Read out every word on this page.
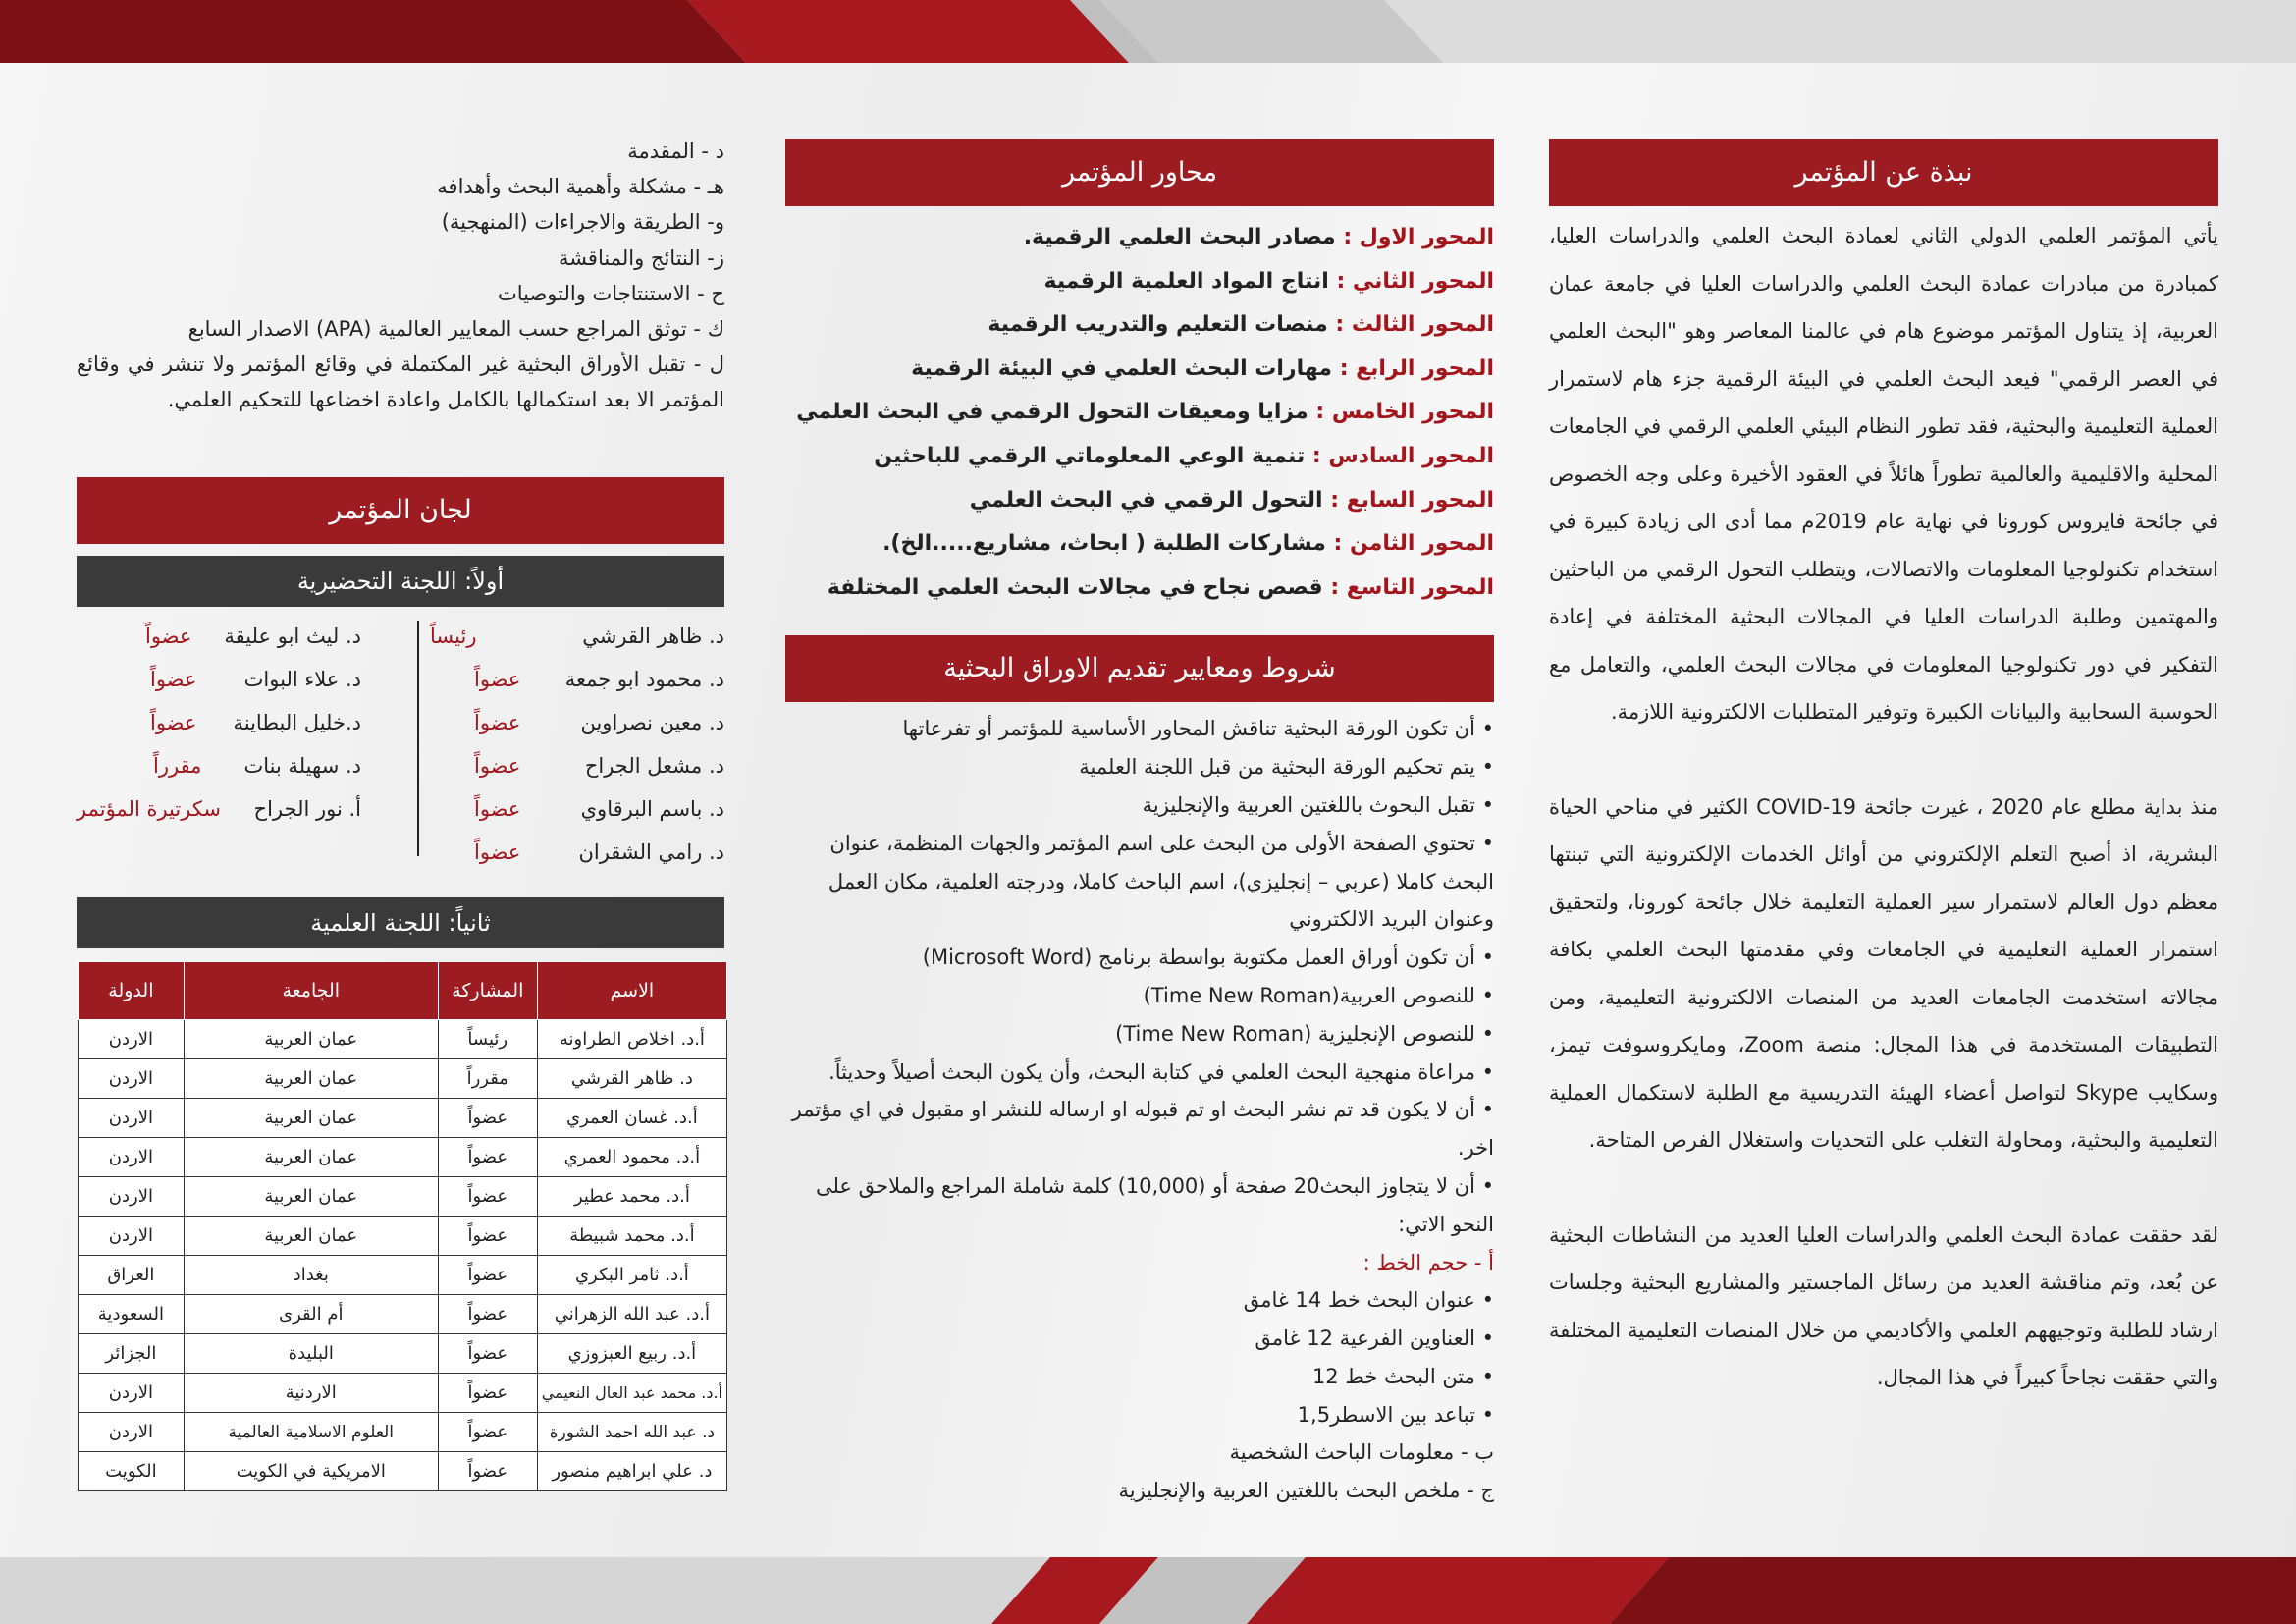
نبذة عن المؤتمر

يأتي المؤتمر العلمي الدولي الثاني لعمادة البحث العلمي والدراسات العليا، كمبادرة من مبادرات عمادة البحث العلمي والدراسات العليا في جامعة عمان العربية، إذ يتناول المؤتمر موضوع هام في عالمنا المعاصر وهو "البحث العلمي في العصر الرقمي" فيعد البحث العلمي في البيئة الرقمية جزء هام لاستمرار العملية التعليمية والبحثية، فقد تطور النظام البيئي العلمي الرقمي في الجامعات المحلية والاقليمية والعالمية تطوراً هائلاً في العقود الأخيرة وعلى وجه الخصوص في جائحة فايروس كورونا في نهاية عام 2019م مما أدى الى زيادة كبيرة في استخدام تكنولوجيا المعلومات والاتصالات، ويتطلب التحول الرقمي من الباحثين والمهتمين وطلبة الدراسات العليا في المجالات البحثية المختلفة في إعادة التفكير في دور تكنولوجيا المعلومات في مجالات البحث العلمي، والتعامل مع الحوسبة السحابية والبيانات الكبيرة وتوفير المتطلبات الالكترونية اللازمة.

منذ بداية مطلع عام 2020 ، غيرت جائحة COVID-19 الكثير في مناحي الحياة البشرية، اذ أصبح التعلم الإلكتروني من أوائل الخدمات الإلكترونية التي تبنتها معظم دول العالم لاستمرار سير العملية التعليمة خلال جائحة كورونا، ولتحقيق استمرار العملية التعليمية في الجامعات وفي مقدمتها البحث العلمي بكافة مجالاته استخدمت الجامعات العديد من المنصات الالكترونية التعليمية، ومن التطبيقات المستخدمة في هذا المجال: منصة Zoom، ومايكروسوفت تيمز، وسكايب Skype لتواصل أعضاء الهيئة التدريسية مع الطلبة لاستكمال العملية التعليمية والبحثية، ومحاولة التغلب على التحديات واستغلال الفرص المتاحة.

لقد حققت عمادة البحث العلمي والدراسات العليا العديد من النشاطات البحثية عن بُعد، وتم مناقشة العديد من رسائل الماجستير والمشاريع البحثية وجلسات ارشاد للطلبة وتوجيههم العلمي والأكاديمي من خلال المنصات التعليمية المختلفة والتي حققت نجاحاً كبيراً في هذا المجال.

محاور المؤتمر
المحور الاول : مصادر البحث العلمي الرقمية.
المحور الثاني : انتاج المواد العلمية الرقمية
المحور الثالث : منصات التعليم والتدريب الرقمية
المحور الرابع : مهارات البحث العلمي في البيئة الرقمية
المحور الخامس : مزايا ومعيقات التحول الرقمي في البحث العلمي
المحور السادس : تنمية الوعي المعلوماتي الرقمي للباحثين
المحور السابع : التحول الرقمي في البحث العلمي
المحور الثامن : مشاركات الطلبة ( ابحاث، مشاريع.....الخ).
المحور التاسع : قصص نجاح في مجالات البحث العلمي المختلفة
شروط ومعايير تقديم الاوراق البحثية
• أن تكون الورقة البحثية تناقش المحاور الأساسية للمؤتمر أو تفرعاتها
• يتم تحكيم الورقة البحثية من قبل اللجنة العلمية
• تقبل البحوث باللغتين العربية والإنجليزية
• تحتوي الصفحة الأولى من البحث على اسم المؤتمر والجهات المنظمة، عنوان البحث كاملا (عربي – إنجليزي)، اسم الباحث كاملا، ودرجته العلمية، مكان العمل وعنوان البريد الالكتروني
• أن تكون أوراق العمل مكتوبة بواسطة برنامج (Microsoft Word)
• للنصوص العربية(Time New Roman)
• للنصوص الإنجليزية (Time New Roman)
• مراعاة منهجية البحث العلمي في كتابة البحث، وأن يكون البحث أصيلاً وحديثاً.
• أن لا يكون قد تم نشر البحث او تم قبوله او ارساله للنشر او مقبول في اي مؤتمر اخر.
• أن لا يتجاوز البحث20 صفحة أو (10,000) كلمة شاملة المراجع والملاحق على النحو الاتي:
أ - حجم الخط :
• عنوان البحث خط 14 غامق
• العناوين الفرعية 12 غامق
• متن البحث خط 12
• تباعد بين الاسطر1,5
ب - معلومات الباحث الشخصية
ج - ملخص البحث باللغتين العربية والإنجليزية
د - المقدمة
هـ - مشكلة وأهمية البحث وأهدافه
و- الطريقة والاجراءات (المنهجية)
ز- النتائج والمناقشة
ح - الاستنتاجات والتوصيات
ك - توثق المراجع حسب المعايير العالمية (APA) الاصدار السابع
ل - تقبل الأوراق البحثية غير المكتملة في وقائع المؤتمر ولا تنشر في وقائع المؤتمر الا بعد استكمالها بالكامل واعادة اخضاعها للتحكيم العلمي.
لجان المؤتمر
أولاً: اللجنة التحضيرية
د. ظاهر القرشي
رئيساً
د. محمود ابو جمعة
عضواً
د. معين نصراوين
عضواً
د. مشعل الجراح
عضواً
د. باسم البرقاوي
عضواً
د. رامي الشقران
عضواً
د. ليث ابو عليقة
عضواً
د. علاء البوات
عضواً
د.خليل البطاينة
عضواً
د. سهيلة بنات
مقرراً
أ. نور الجراح
سكرتيرة المؤتمر
ثانياً: اللجنة العلمية
الاسم	المشاركة	الجامعة	الدولة
أ.د. اخلاص الطراونه	رئيساً	عمان العربية	الاردن
د. ظاهر القرشي	مقرراً	عمان العربية	الاردن
أ.د. غسان العمري	عضواً	عمان العربية	الاردن
أ.د. محمود العمري	عضواً	عمان العربية	الاردن
أ.د. محمد عطير	عضواً	عمان العربية	الاردن
أ.د. محمد شبيطة	عضواً	عمان العربية	الاردن
أ.د. ثامر البكري	عضواً	بغداد	العراق
أ.د. عبد الله الزهراني	عضواً	أم القرى	السعودية
أ.د. ربيع العبزوزي	عضواً	البليدة	الجزائر
أ.د. محمد عبد العال النعيمي	عضواً	الاردنية	الاردن
د. عبد الله احمد الشورة	عضواً	العلوم الاسلامية العالمية	الاردن
د. علي ابراهيم منصور	عضواً	الامريكية في الكويت	الكويت
